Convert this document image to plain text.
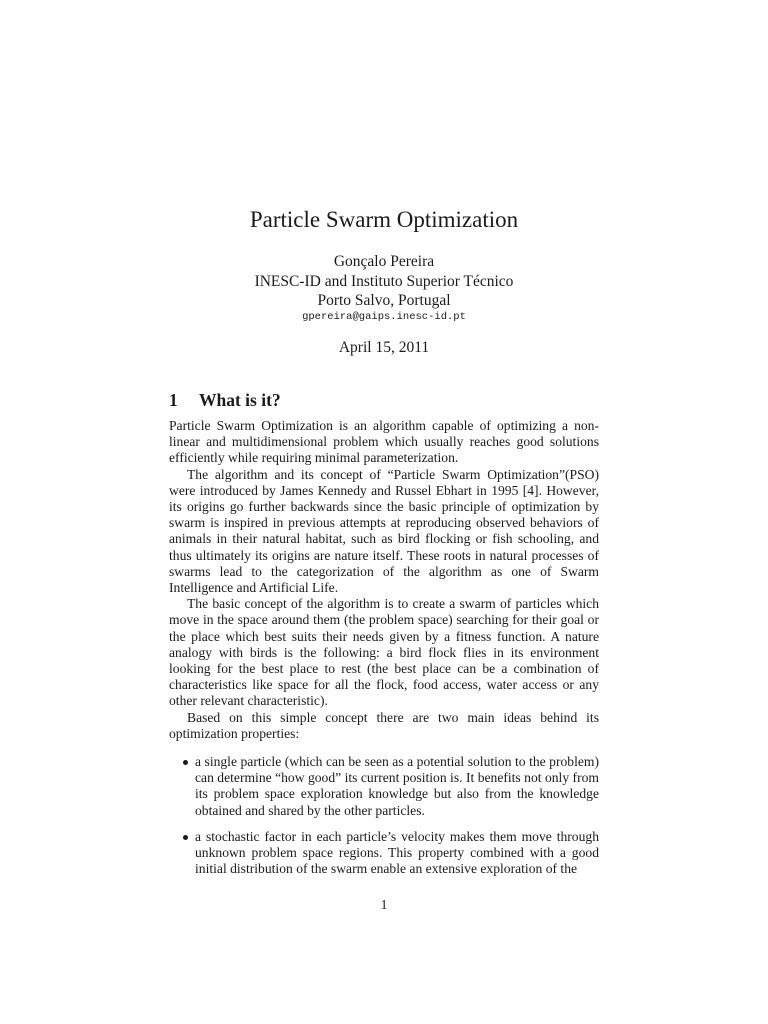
Particle Swarm Optimization
Gonçalo Pereira
INESC-ID and Instituto Superior Técnico
Porto Salvo, Portugal
gpereira@gaips.inesc-id.pt
April 15, 2011
1 What is it?

Particle Swarm Optimization is an algorithm capable of optimizing a non-linear and multidimensional problem which usually reaches good solutions efficiently while requiring minimal parameterization.

The algorithm and its concept of “Particle Swarm Optimization”(PSO) were introduced by James Kennedy and Russel Ebhart in 1995 [4]. However, its origins go further backwards since the basic principle of optimization by swarm is inspired in previous attempts at reproducing observed behaviors of animals in their natural habitat, such as bird flocking or fish schooling, and thus ultimately its origins are nature itself. These roots in natural processes of swarms lead to the categorization of the algorithm as one of Swarm Intelligence and Artificial Life.

The basic concept of the algorithm is to create a swarm of particles which move in the space around them (the problem space) searching for their goal or the place which best suits their needs given by a fitness function. A nature analogy with birds is the following: a bird flock flies in its environment looking for the best place to rest (the best place can be a combination of characteristics like space for all the flock, food access, water access or any other relevant characteristic).

Based on this simple concept there are two main ideas behind its optimization properties:

a single particle (which can be seen as a potential solution to the problem) can determine “how good” its current position is. It benefits not only from its problem space exploration knowledge but also from the knowledge obtained and shared by the other particles.
a stochastic factor in each particle’s velocity makes them move through unknown problem space regions. This property combined with a good initial distribution of the swarm enable an extensive exploration of the
1
